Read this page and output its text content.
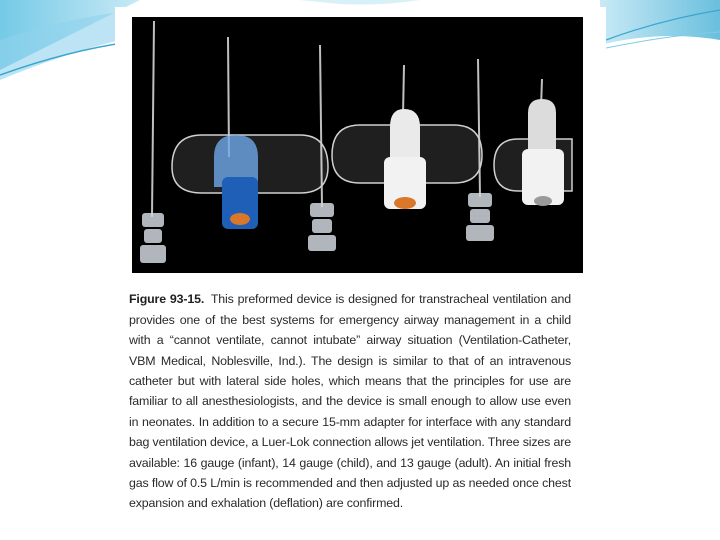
Figure 93-15. This preformed device is designed for transtracheal ventilation and provides one of the best systems for emergency airway management in a child with a “cannot ventilate, cannot intubate” airway situation (Ventilation-Catheter, VBM Medical, Noblesville, Ind.). The design is similar to that of an intravenous catheter but with lateral side holes, which means that the principles for use are familiar to all anesthesiologists, and the device is small enough to allow use even in neonates. In addition to a secure 15-mm adapter for interface with any standard bag ventilation device, a Luer-Lok connection allows jet ventilation. Three sizes are available: 16 gauge (infant), 14 gauge (child), and 13 gauge (adult). An initial fresh gas flow of 0.5 L/min is recommended and then adjusted up as needed once chest expansion and exhalation (deflation) are confirmed.
